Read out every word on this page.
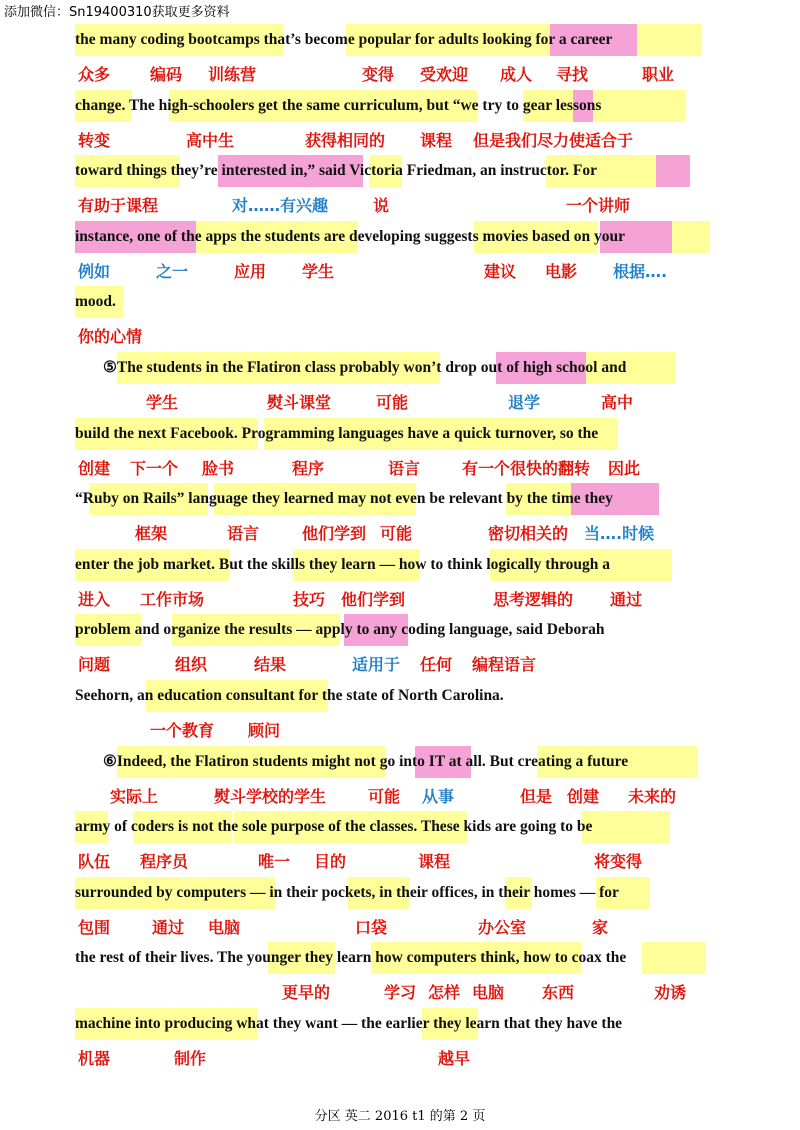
添加微信：Sn19400310获取更多资料
the many coding bootcamps that’s become popular for adults looking for a career
众多 编码 训练营	变得 受欢迎 成人 寻找	职业
change. The high-schoolers get the same curriculum, but “we try to gear lessons
转变	高中生	获得相同的 课程 但是我们尽力使适合于
toward things they’re interested in,” said Victoria Friedman, an instructor. For
有助于课程	对……有兴趣	说	一个讲师
instance, one of the apps the students are developing suggests movies based on your
例如	之一	应用 学生	建议 电影 根据….
mood.
你的心情
⑤The students in the Flatiron class probably won’t drop out of high school and
学生	熨斗课堂	可能	退学	高中
build the next Facebook. Programming languages have a quick turnover, so the
创建 下一个 脸书	程序	语言	有一个很快的翻转 因此
“Ruby on Rails” language they learned may not even be relevant by the time they
框架	语言	他们学到 可能	密切相关的 当….时候
enter the job market. But the skills they learn — how to think logically through a
进入 工作市场	技巧 他们学到	思考逻辑的 通过
problem and organize the results — apply to any coding language, said Deborah
问题	组织	结果	适用于 任何 编程语言
Seehorn, an education consultant for the state of North Carolina.
一个教育 顾问
⑥Indeed, the Flatiron students might not go into IT at all. But creating a future
实际上	熨斗学校的学生	可能 从事	但是 创建 未来的
army of coders is not the sole purpose of the classes. These kids are going to be
队伍 程序员	唯一 目的	课程	将变得
surrounded by computers — in their pockets, in their offices, in their homes — for
包围	通过 电脑	口袋	办公室	家
the rest of their lives. The younger they learn how computers think, how to coax the
更早的	学习 怎样 电脑 东西	劝诱
machine into producing what they want — the earlier they learn that they have the
机器	制作	越早
分区 英二 2016 t1 的第 2 页
